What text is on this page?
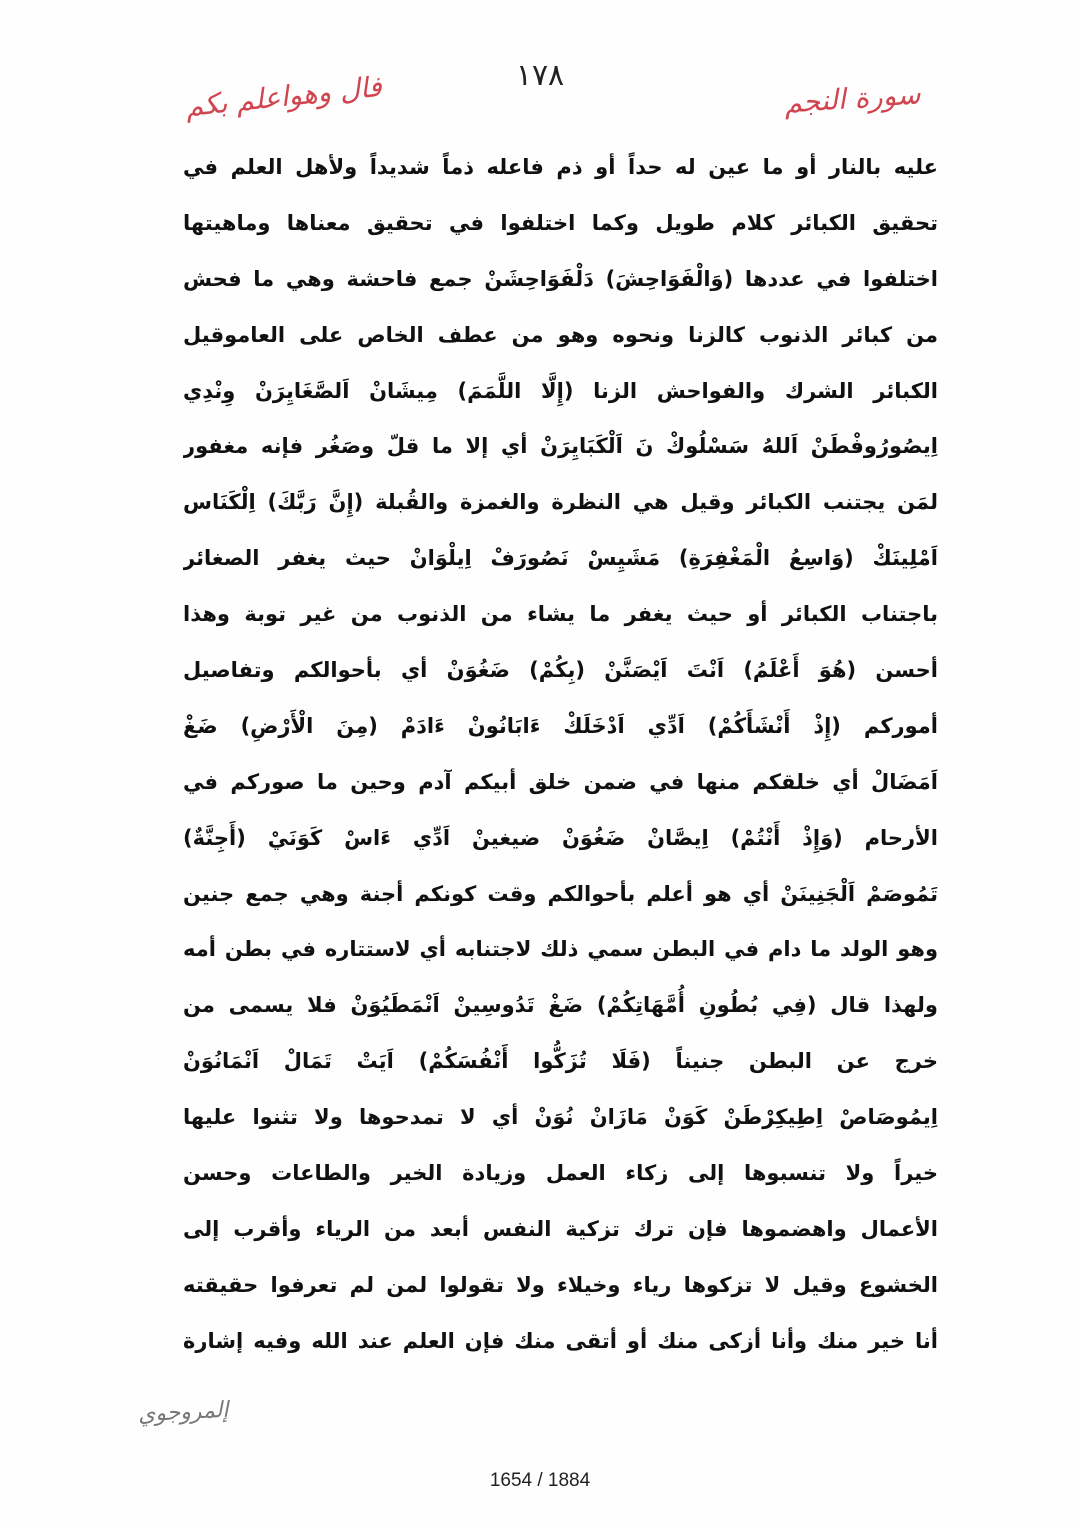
١٧٨
سورة النجم
فال وهواعلم بكم
عليه بالنار أو ما عين له حداً أو ذم فاعله ذماً شديداً ولأهل العلم في
تحقيق الكبائر كلام طويل وكما اختلفوا في تحقيق معناها وماهيتها
اختلفوا في عددها (وَالْفَوَاحِشَ) دَلْفَوَاحِشَنْ جمع فاحشة وهي ما فحش
من كبائر الذنوب كالزنا ونحوه وهو من عطف الخاص على العاموقيل
الكبائر الشرك والفواحش الزنا (إِلَّا اللَّمَمَ) مِيشَانْ اَلصَّغَايِرَنْ وِنْدِي
اِيصُورُوفْطَنْ اَللهُ سَسْلُوكْ نَ اَلْكَبَايِرَنْ أي إلا ما قلّ وصَغُر فإنه مغفور
لمَن يجتنب الكبائر وقيل هي النظرة والغمزة والقُبلة (إِنَّ رَبَّكَ) اِلْكَنَاس
اَمْلِينَكْ (وَاسِعُ الْمَغْفِرَةِ) مَشَيِسْ نَصُورَفْ اِيلْوَانْ حيث يغفر الصغائر
باجتناب الكبائر أو حيث يغفر ما يشاء من الذنوب من غير توبة وهذا
أحسن (هُوَ أَعْلَمُ) اَنْتَ اَيْصَنَّنْ (بِكُمْ) ضَغُوَنْ أي بأحوالكم وتفاصيل
أموركم (إِذْ أَنْشَأَكُمْ) اَدِّي اَدْخَلَكْ ءَابَانُونْ ءَادَمْ (مِنَ الْأَرْضِ) ضَغْ
اَمَضَالْ أي خلقكم منها في ضمن خلق أبيكم آدم وحين ما صوركم في
الأرحام (وَإِذْ أَنْتُمْ) اِيصَّانْ ضَغُوَنْ ضيغينْ اَدِّي ءَاسْ كَوَنَيْ (أَجِنَّةٌ)
تَمُوصَمْ اَلْجَنِينَنْ أي هو أعلم بأحوالكم وقت كونكم أجنة وهي جمع جنين
وهو الولد ما دام في البطن سمي ذلك لاجتنابه أي لاستتاره في بطن أمه
ولهذا قال (فِي بُطُونِ أُمَّهَاتِكُمْ) ضَغْ تَدُوسِينْ اَنْمَطَيُوَنْ فلا يسمى من
خرج عن البطن جنيناً (فَلَا تُزَكُّوا أَنْفُسَكُمْ) اَيَتْ تَمَالْ اَنْمَانُوَنْ
اِيمُوصَاصْ اِطِيكِرْطَنْ كَوَنْ مَازَانْ نُوَنْ أي لا تمدحوها ولا تثنوا عليها
خيراً ولا تنسبوها إلى زكاء العمل وزيادة الخير والطاعات وحسن
الأعمال واهضموها فإن ترك تزكية النفس أبعد من الرياء وأقرب إلى
الخشوع وقيل لا تزكوها رياء وخيلاء ولا تقولوا لمن لم تعرفوا حقيقته
أنا خير منك وأنا أزكى منك أو أتقى منك فإن العلم عند الله وفيه إشارة
إلمروجوي
1654 / 1884
